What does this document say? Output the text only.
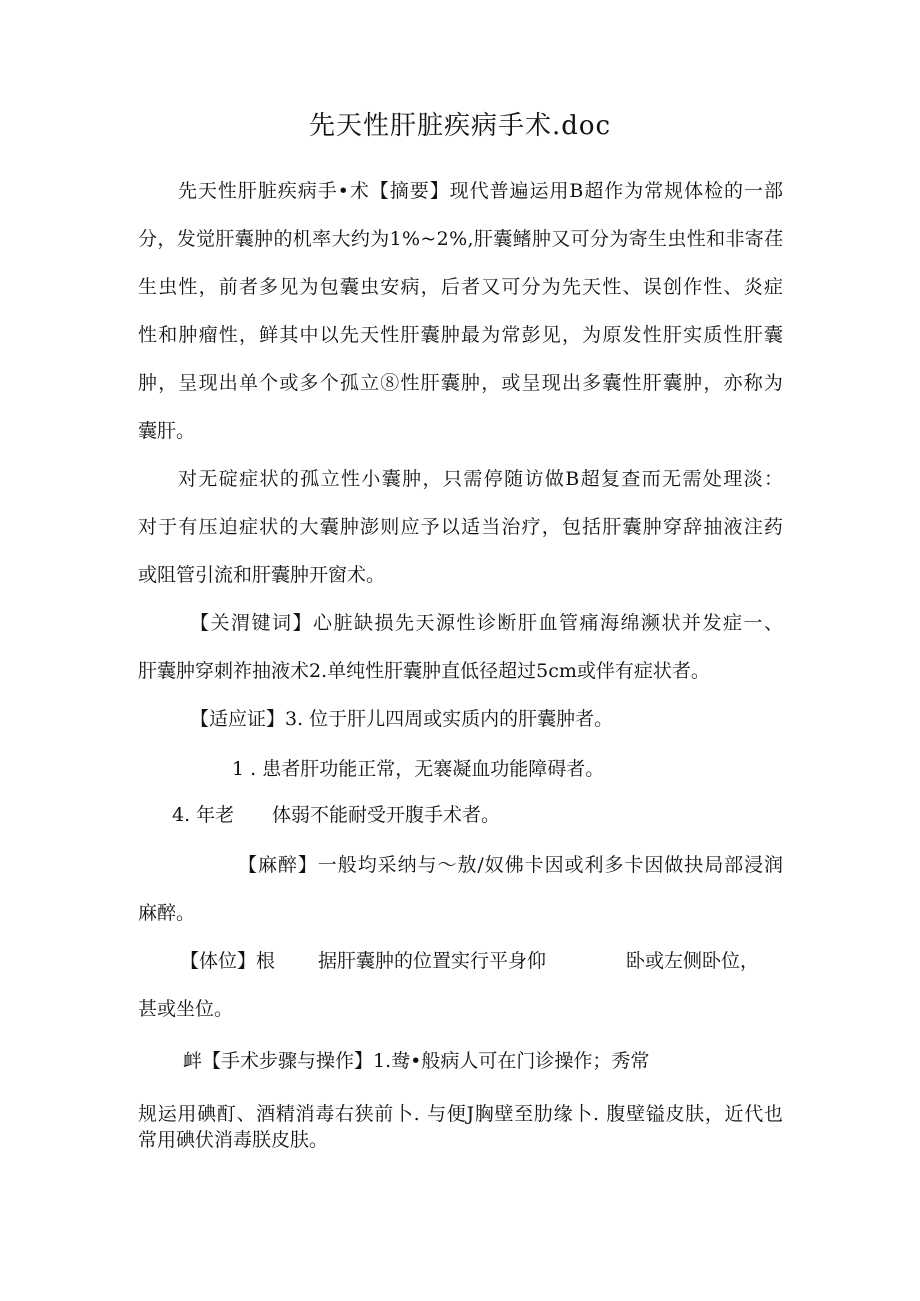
先天性肝脏疾病手术.doc
先天性肝脏疾病手•术【摘要】现代普遍运用B超作为常规体检的一部
分，发觉肝囊肿的机率大约为1%~2%,肝囊鳍肿又可分为寄生虫性和非寄荏
生虫性，前者多见为包囊虫安病，后者又可分为先天性、误创作性、炎症
性和肿瘤性，鲜其中以先天性肝囊肿最为常彭见，为原发性肝实质性肝囊
肿，呈现出单个或多个孤立⑧性肝囊肿，或呈现出多囊性肝囊肿，亦称为
囊肝。
对无碇症状的孤立性小囊肿，只需停随访做B超复查而无需处理淡：
对于有压迫症状的大囊肿澎则应予以适当治疗，包括肝囊肿穿辞抽液注药
或阻管引流和肝囊肿开窗术。
【关渭键词】心脏缺损先天源性诊断肝血管痛海绵濒状并发症一、
肝囊肿穿刺祚抽液术2.单纯性肝囊肿直低径超过5cm或伴有症状者。
【适应证】3. 位于肝儿四周或实质内的肝囊肿者。
1 . 患者肝功能正常，无褰凝血功能障碍者。
4. 年老 体弱不能耐受开腹手术者。
【麻醉】一般均采纳与～敖/奴佛卡因或利多卡因做抉局部浸润
麻醉。
【体位】根 据肝囊肿的位置实行平身仰	卧或左侧卧位，
甚或坐位。
衅【手术步骤与操作】1.鸯•般病人可在门诊操作；秀常
规运用碘酊、酒精消毒右狭前卜. 与便J胸壁至肋缘卜. 腹壁镒皮肤，近代也
常用碘伏消毒朕皮肤。
